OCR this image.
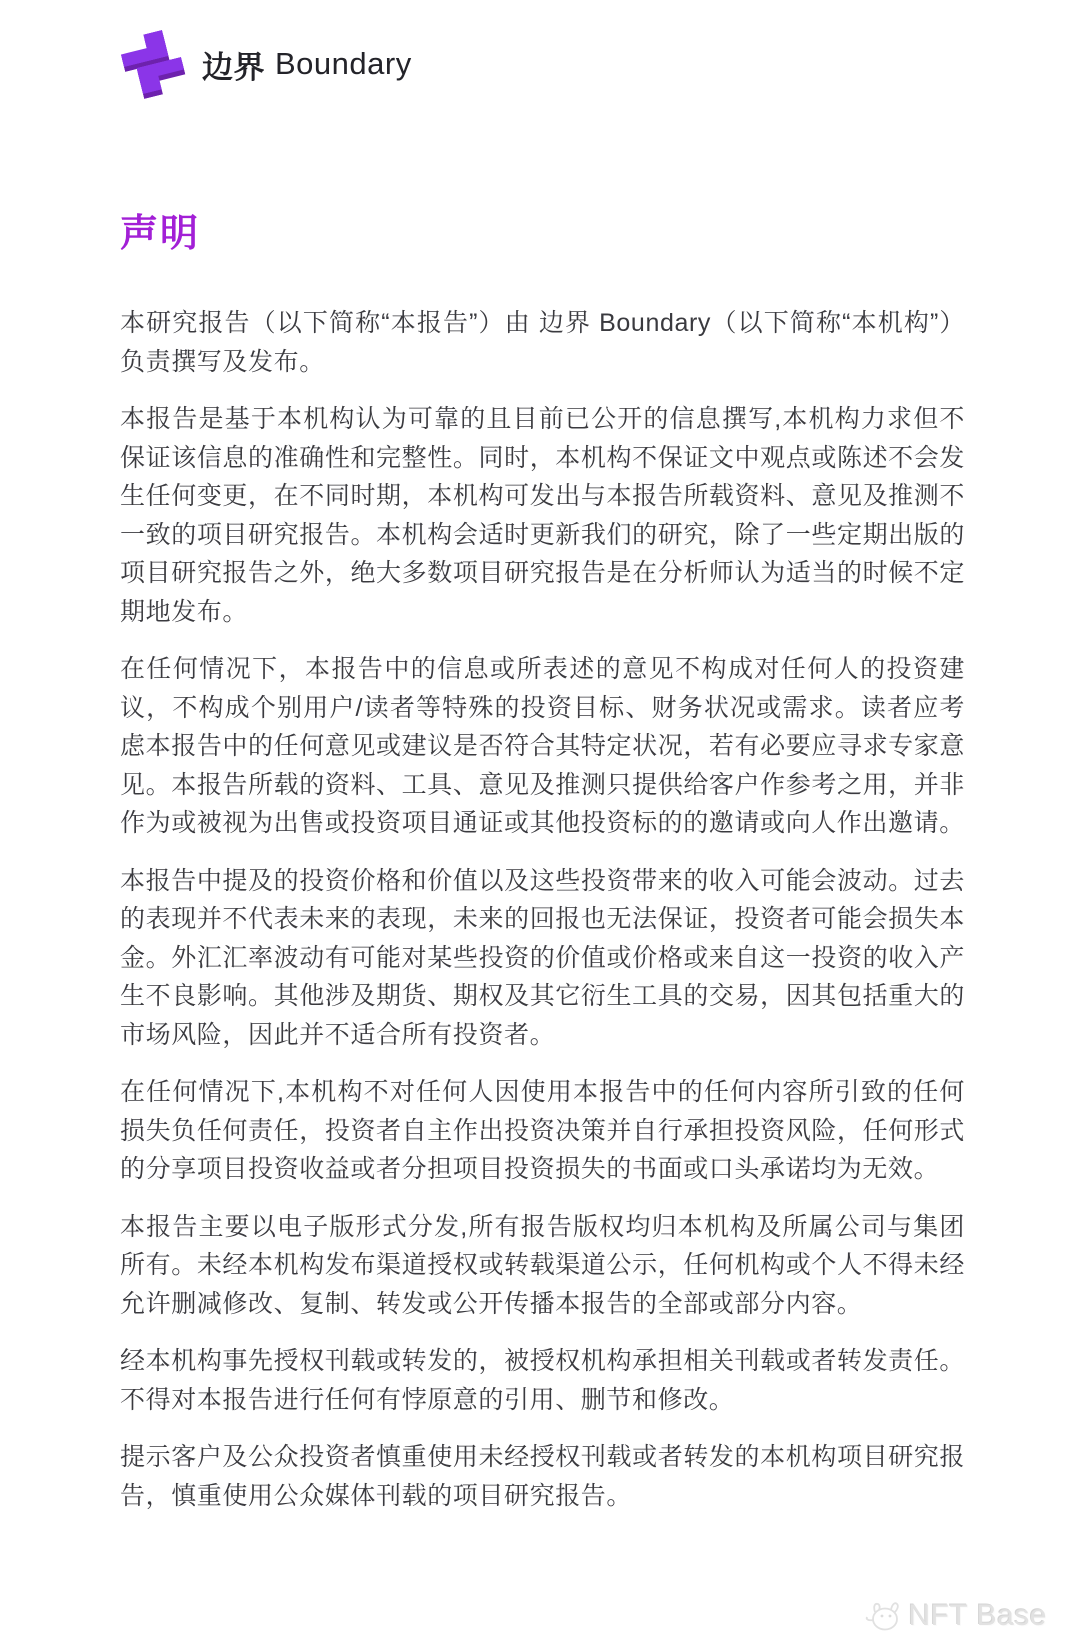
边界 Boundary
声明

本研究报告（以下简称“本报告”）由 边界 Boundary（以下简称“本机构”）负责撰写及发布。

本报告是基于本机构认为可靠的且目前已公开的信息撰写,本机构力求但不保证该信息的准确性和完整性。同时，本机构不保证文中观点或陈述不会发生任何变更，在不同时期，本机构可发出与本报告所载资料、意见及推测不一致的项目研究报告。本机构会适时更新我们的研究，除了一些定期出版的项目研究报告之外，绝大多数项目研究报告是在分析师认为适当的时候不定期地发布。

在任何情况下，本报告中的信息或所表述的意见不构成对任何人的投资建议，不构成个别用户/读者等特殊的投资目标、财务状况或需求。读者应考虑本报告中的任何意见或建议是否符合其特定状况，若有必要应寻求专家意见。本报告所载的资料、工具、意见及推测只提供给客户作参考之用，并非作为或被视为出售或投资项目通证或其他投资标的的邀请或向人作出邀请。

本报告中提及的投资价格和价值以及这些投资带来的收入可能会波动。过去的表现并不代表未来的表现，未来的回报也无法保证，投资者可能会损失本金。外汇汇率波动有可能对某些投资的价值或价格或来自这一投资的收入产生不良影响。其他涉及期货、期权及其它衍生工具的交易，因其包括重大的市场风险，因此并不适合所有投资者。

在任何情况下,本机构不对任何人因使用本报告中的任何内容所引致的任何损失负任何责任，投资者自主作出投资决策并自行承担投资风险，任何形式的分享项目投资收益或者分担项目投资损失的书面或口头承诺均为无效。

本报告主要以电子版形式分发,所有报告版权均归本机构及所属公司与集团所有。未经本机构发布渠道授权或转载渠道公示，任何机构或个人不得未经允许删减修改、复制、转发或公开传播本报告的全部或部分内容。

经本机构事先授权刊载或转发的，被授权机构承担相关刊载或者转发责任。不得对本报告进行任何有悖原意的引用、删节和修改。

提示客户及公众投资者慎重使用未经授权刊载或者转发的本机构项目研究报告，慎重使用公众媒体刊载的项目研究报告。

NFT Base
